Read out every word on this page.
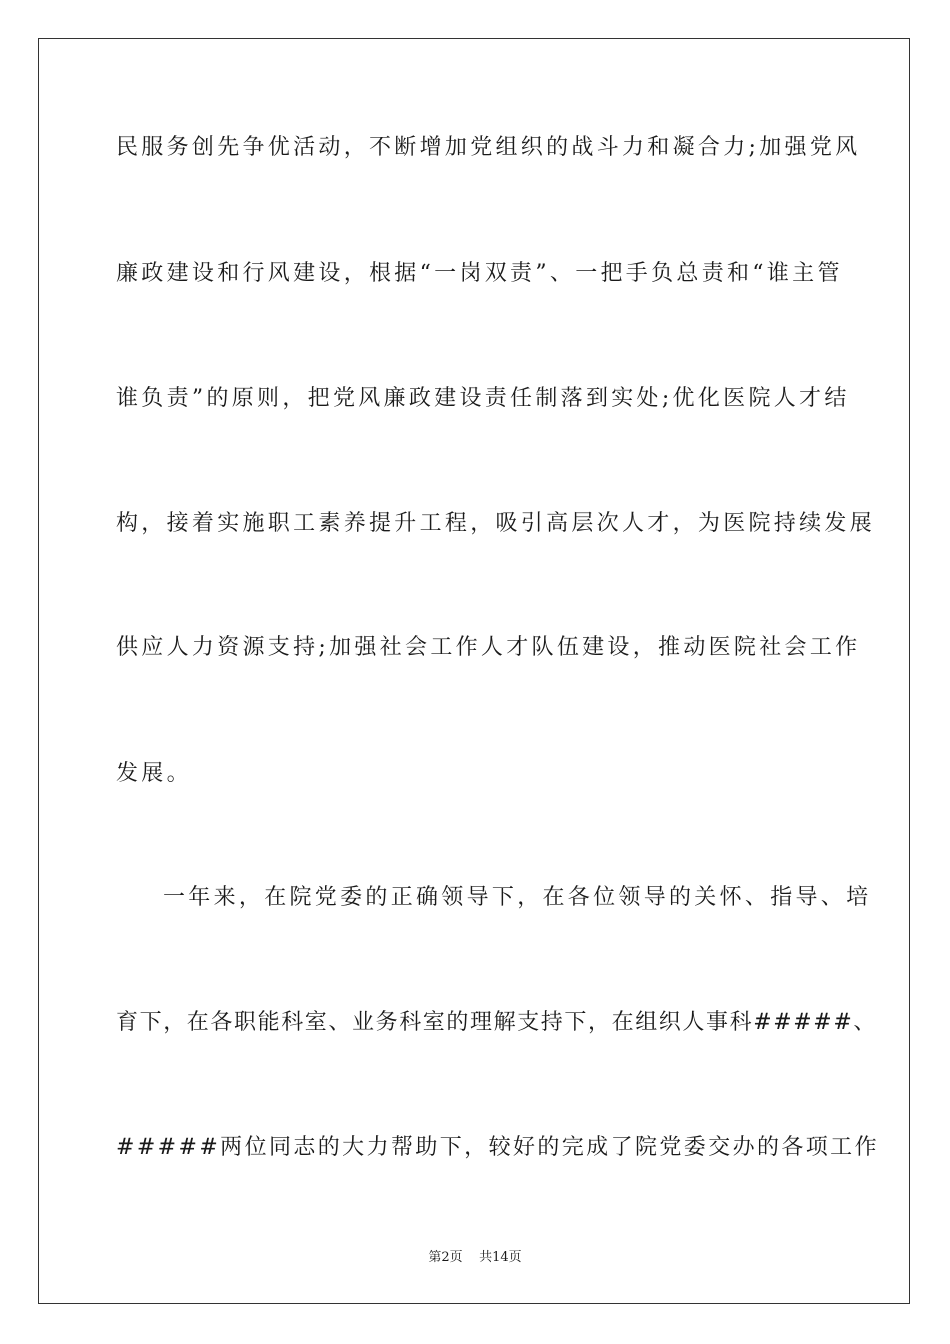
民服务创先争优活动，不断增加党组织的战斗力和凝合力;加强党风
廉政建设和行风建设，根据“一岗双责”、一把手负总责和“谁主管
谁负责”的原则，把党风廉政建设责任制落到实处;优化医院人才结
构，接着实施职工素养提升工程，吸引高层次人才，为医院持续发展
供应人力资源支持;加强社会工作人才队伍建设，推动医院社会工作
发展。
一年来，在院党委的正确领导下，在各位领导的关怀、指导、培
育下，在各职能科室、业务科室的理解支持下，在组织人事科#####、
#####两位同志的大力帮助下，较好的完成了院党委交办的各项工作
第2页    共14页
